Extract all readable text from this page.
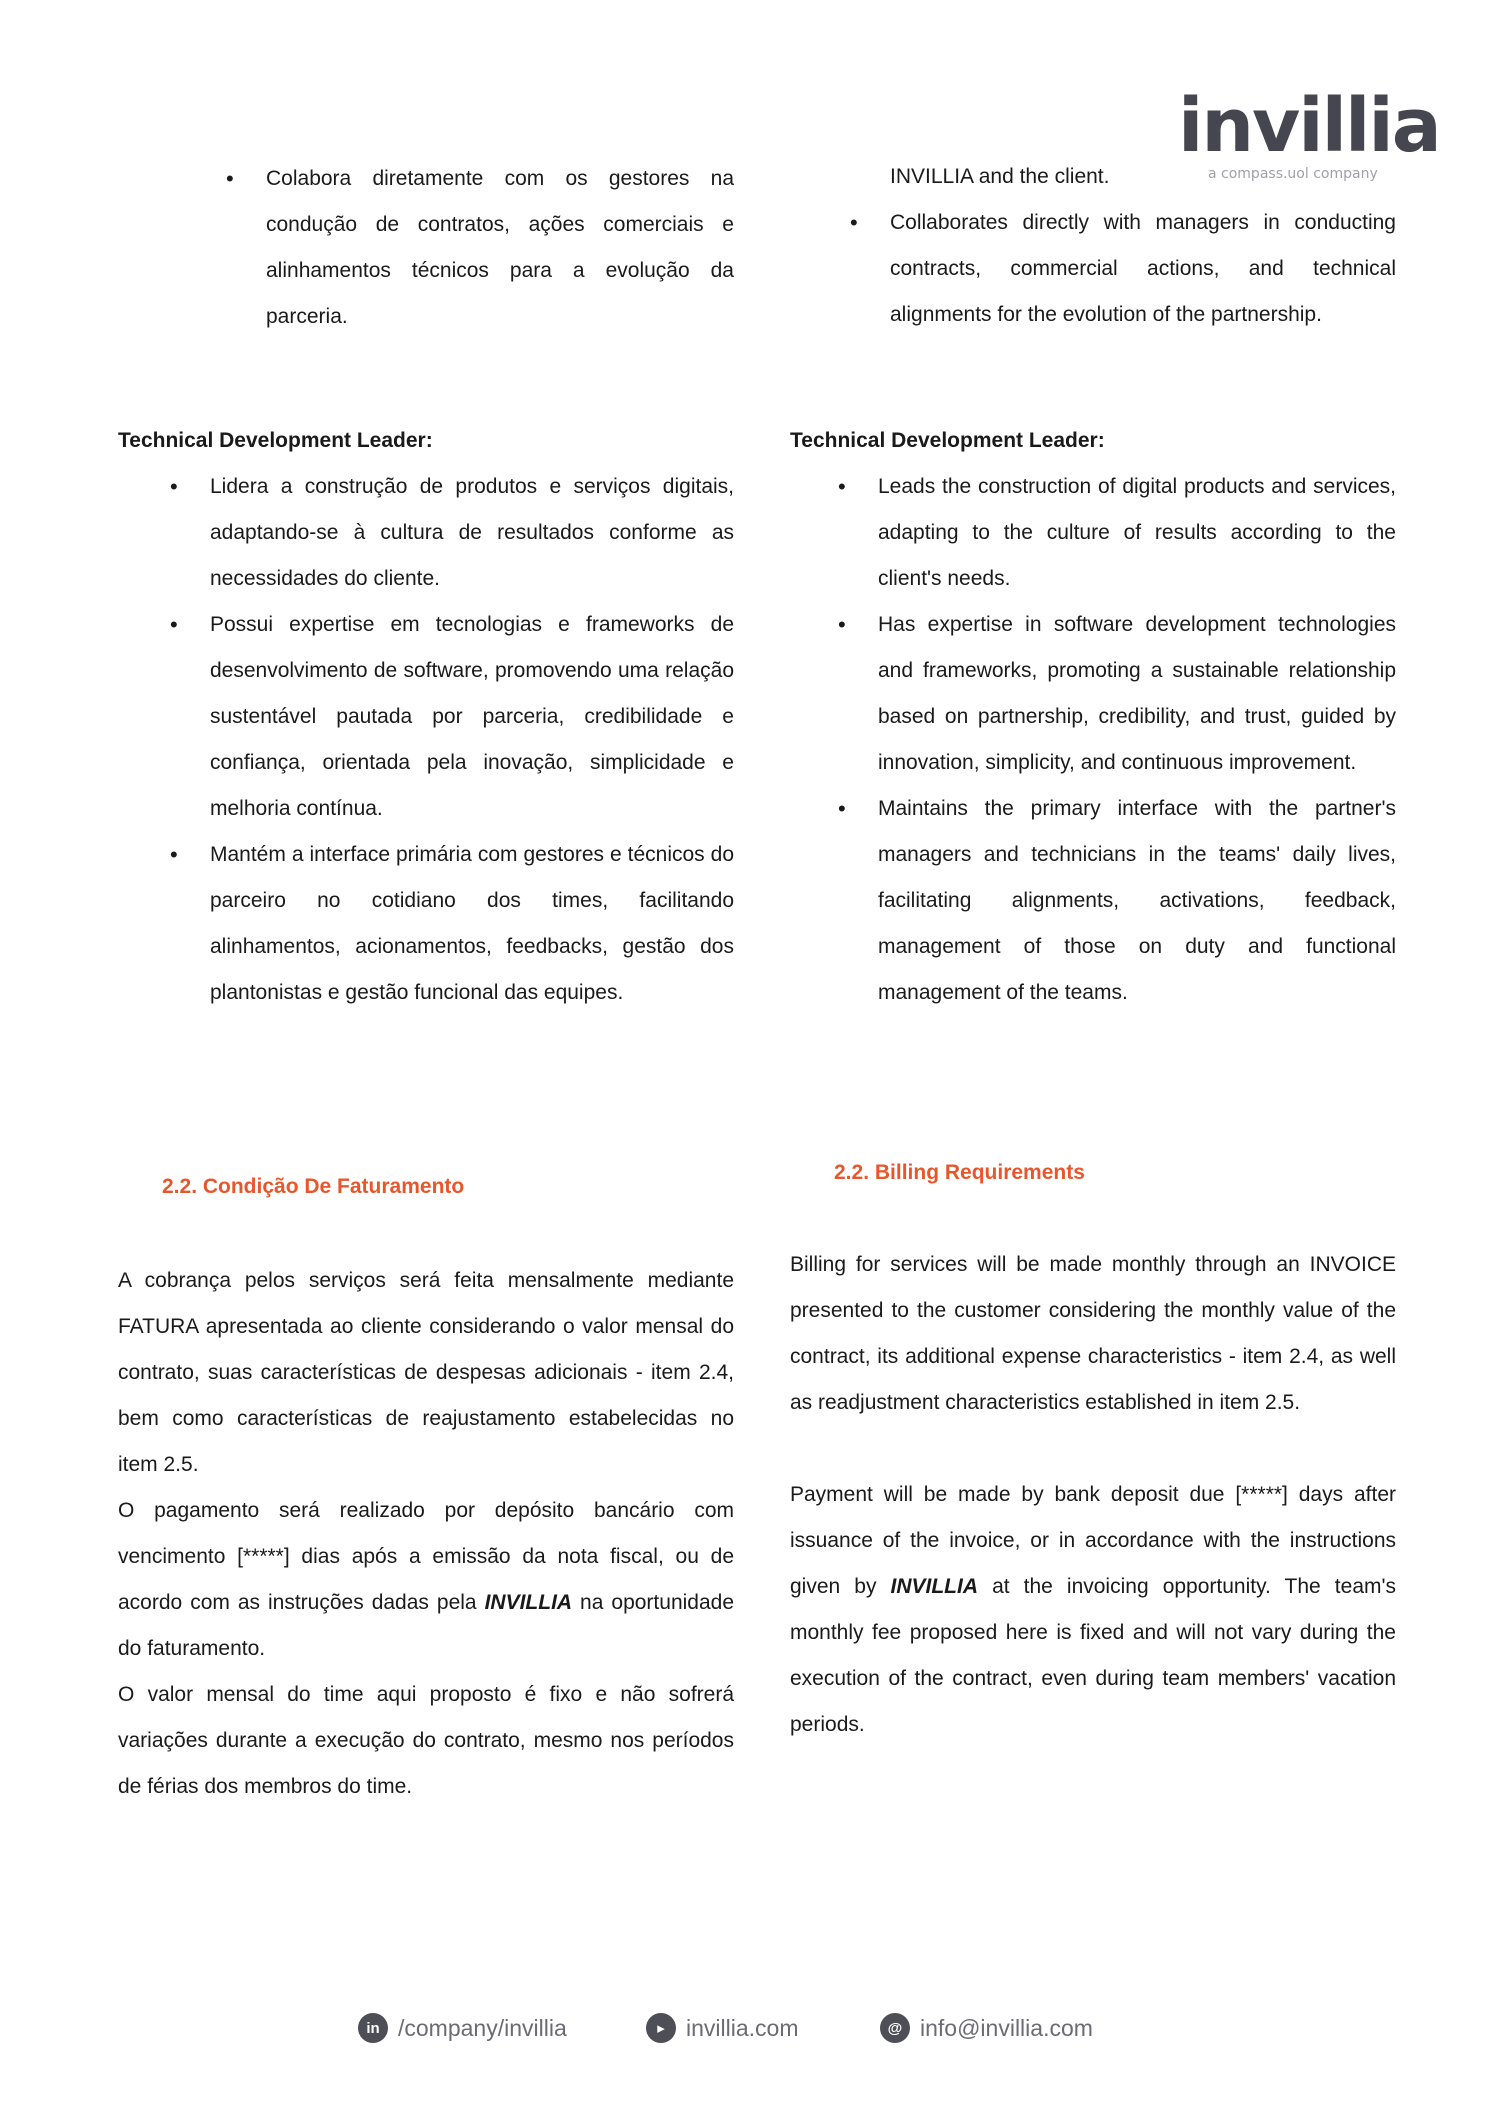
invillia
a compass.uol company
• Colabora diretamente com os gestores na condução de contratos, ações comerciais e alinhamentos técnicos para a evolução da parceria.

Technical Development Leader:

• Lidera a construção de produtos e serviços digitais, adaptando-se à cultura de resultados conforme as necessidades do cliente.
• Possui expertise em tecnologias e frameworks de desenvolvimento de software, promovendo uma relação sustentável pautada por parceria, credibilidade e confiança, orientada pela inovação, simplicidade e melhoria contínua.
• Mantém a interface primária com gestores e técnicos do parceiro no cotidiano dos times, facilitando alinhamentos, acionamentos, feedbacks, gestão dos plantonistas e gestão funcional das equipes.

2.2. Condição De Faturamento

A cobrança pelos serviços será feita mensalmente mediante FATURA apresentada ao cliente considerando o valor mensal do contrato, suas características de despesas adicionais - item 2.4, bem como características de reajustamento estabelecidas no item 2.5.

O pagamento será realizado por depósito bancário com vencimento [*****] dias após a emissão da nota fiscal, ou de acordo com as instruções dadas pela INVILLIA na oportunidade do faturamento.

O valor mensal do time aqui proposto é fixo e não sofrerá variações durante a execução do contrato, mesmo nos períodos de férias dos membros do time.

INVILLIA and the client.

• Collaborates directly with managers in conducting contracts, commercial actions, and technical alignments for the evolution of the partnership.

Technical Development Leader:

• Leads the construction of digital products and services, adapting to the culture of results according to the client's needs.
• Has expertise in software development technologies and frameworks, promoting a sustainable relationship based on partnership, credibility, and trust, guided by innovation, simplicity, and continuous improvement.
• Maintains the primary interface with the partner's managers and technicians in the teams' daily lives, facilitating alignments, activations, feedback, management of those on duty and functional management of the teams.

2.2. Billing Requirements

Billing for services will be made monthly through an INVOICE presented to the customer considering the monthly value of the contract, its additional expense characteristics - item 2.4, as well as readjustment characteristics established in item 2.5.

Payment will be made by bank deposit due [*****] days after issuance of the invoice, or in accordance with the instructions given by INVILLIA at the invoicing opportunity. The team's monthly fee proposed here is fixed and will not vary during the execution of the contract, even during team members' vacation periods.

in /company/invillia	▸ invillia.com	@ info@invillia.com
